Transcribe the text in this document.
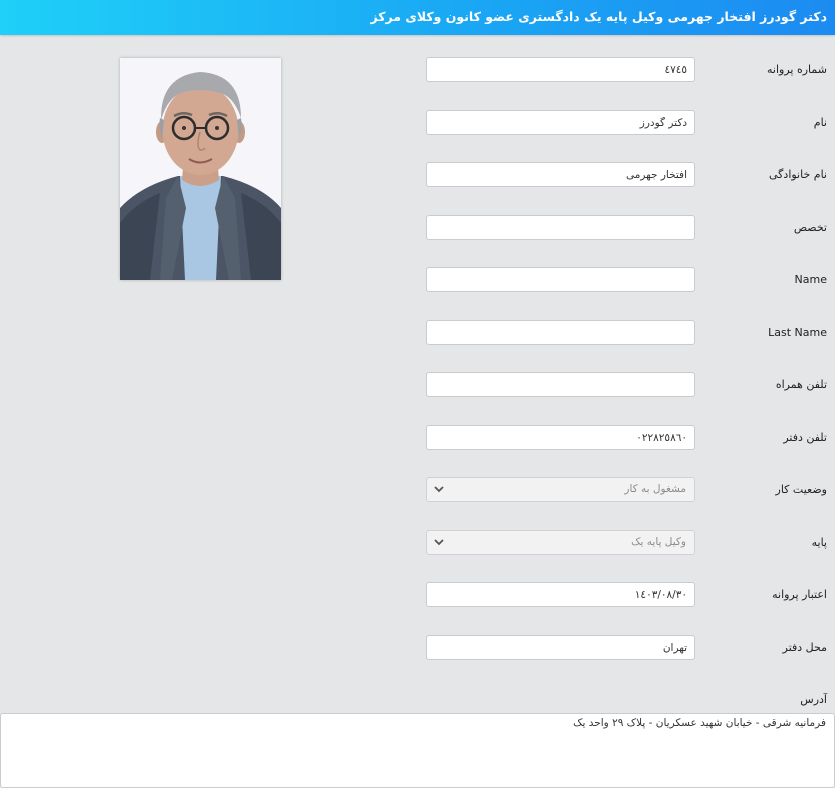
دکتر گودرز افتخار جهرمی وکیل پایه یک دادگستری عضو کانون وکلای مرکز
شماره پروانه
٤٧٤٥
نام
دکتر گودرز
نام خانوادگی
افتخار جهرمی
تخصص
Name
Last Name
تلفن همراه
تلفن دفتر
٠٢٢٨٢٥٨٦٠
وضعیت کار
مشغول به کار
پایه
وکیل پایه یک
اعتبار پروانه
١٤٠٣/٠٨/٣٠
محل دفتر
تهران
آدرس
فرمانیه شرقی - خیابان شهید عسکریان - پلاک ۲۹ واحد یک
